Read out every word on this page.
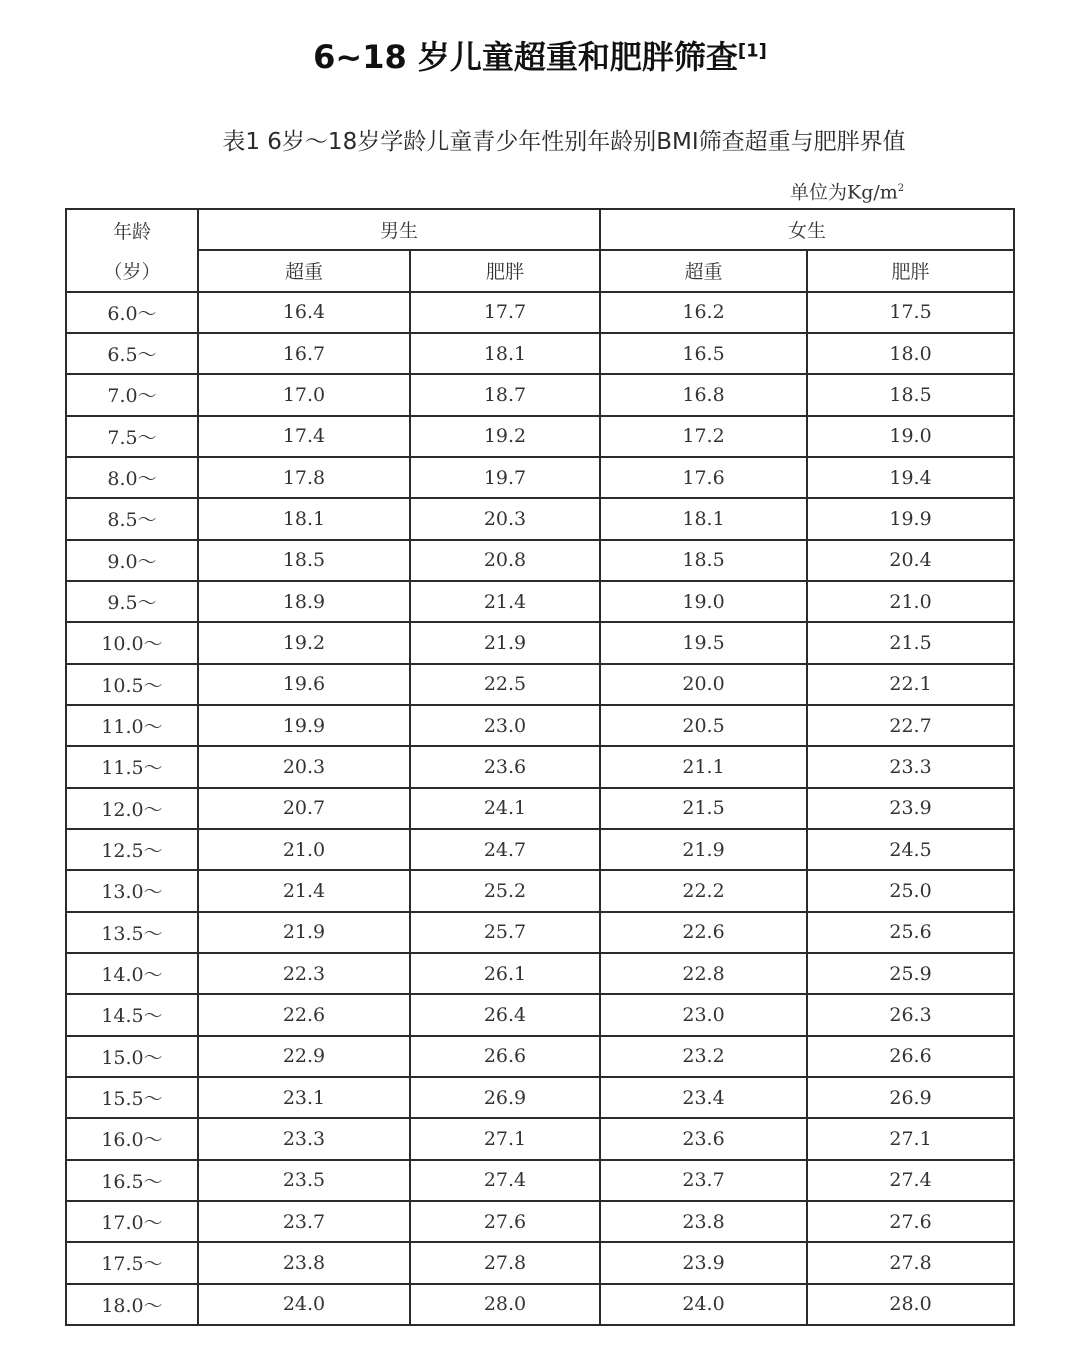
6~18 岁儿童超重和肥胖筛查[1]
表1 6岁～18岁学龄儿童青少年性别年龄别BMI筛查超重与肥胖界值
单位为$Kg/m^2$
年龄	男生		女生	
（岁）	超重	肥胖	超重	肥胖
6.0～	16.4	17.7	16.2	17.5
6.5～	16.7	18.1	16.5	18.0
7.0～	17.0	18.7	16.8	18.5
7.5～	17.4	19.2	17.2	19.0
8.0～	17.8	19.7	17.6	19.4
8.5～	18.1	20.3	18.1	19.9
9.0～	18.5	20.8	18.5	20.4
9.5～	18.9	21.4	19.0	21.0
10.0～	19.2	21.9	19.5	21.5
10.5～	19.6	22.5	20.0	22.1
11.0～	19.9	23.0	20.5	22.7
11.5～	20.3	23.6	21.1	23.3
12.0～	20.7	24.1	21.5	23.9
12.5～	21.0	24.7	21.9	24.5
13.0～	21.4	25.2	22.2	25.0
13.5～	21.9	25.7	22.6	25.6
14.0～	22.3	26.1	22.8	25.9
14.5～	22.6	26.4	23.0	26.3
15.0～	22.9	26.6	23.2	26.6
15.5～	23.1	26.9	23.4	26.9
16.0～	23.3	27.1	23.6	27.1
16.5～	23.5	27.4	23.7	27.4
17.0～	23.7	27.6	23.8	27.6
17.5～	23.8	27.8	23.9	27.8
18.0～	24.0	28.0	24.0	28.0
